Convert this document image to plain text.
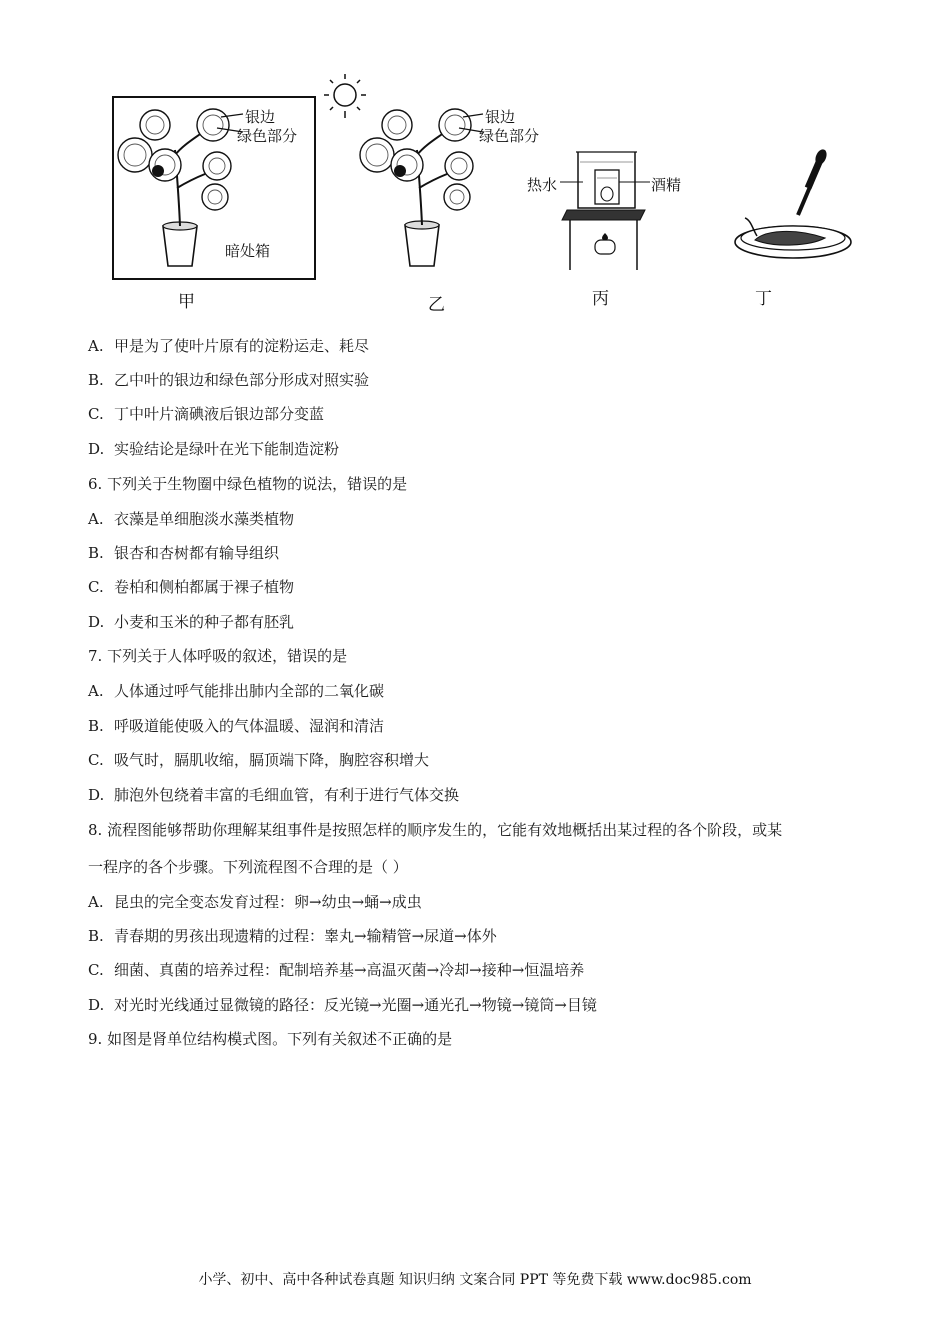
银边
绿色部分
暗处箱
银边
绿色部分
热水	酒精
甲	乙	丙	丁
A. 甲是为了使叶片原有的淀粉运走、耗尽
B. 乙中叶的银边和绿色部分形成对照实验
C. 丁中叶片滴碘液后银边部分变蓝
D. 实验结论是绿叶在光下能制造淀粉
6. 下列关于生物圈中绿色植物的说法，错误的是
A. 衣藻是单细胞淡水藻类植物
B. 银杏和杏树都有输导组织
C. 卷柏和侧柏都属于裸子植物
D. 小麦和玉米的种子都有胚乳
7. 下列关于人体呼吸的叙述，错误的是
A. 人体通过呼气能排出肺内全部的二氧化碳
B. 呼吸道能使吸入的气体温暖、湿润和清洁
C. 吸气时，膈肌收缩，膈顶端下降，胸腔容积增大
D. 肺泡外包绕着丰富的毛细血管，有利于进行气体交换
8. 流程图能够帮助你理解某组事件是按照怎样的顺序发生的，它能有效地概括出某过程的各个阶段，或某
一程序的各个步骤。下列流程图不合理的是（ ）
A. 昆虫的完全变态发育过程：卵→幼虫→蛹→成虫
B. 青春期的男孩出现遗精的过程：睾丸→输精管→尿道→体外
C. 细菌、真菌的培养过程：配制培养基→高温灭菌→冷却→接种→恒温培养
D. 对光时光线通过显微镜的路径：反光镜→光圈→通光孔→物镜→镜筒→目镜
9. 如图是肾单位结构模式图。下列有关叙述不正确的是
小学、初中、高中各种试卷真题 知识归纳 文案合同 PPT 等免费下载 www.doc985.com
